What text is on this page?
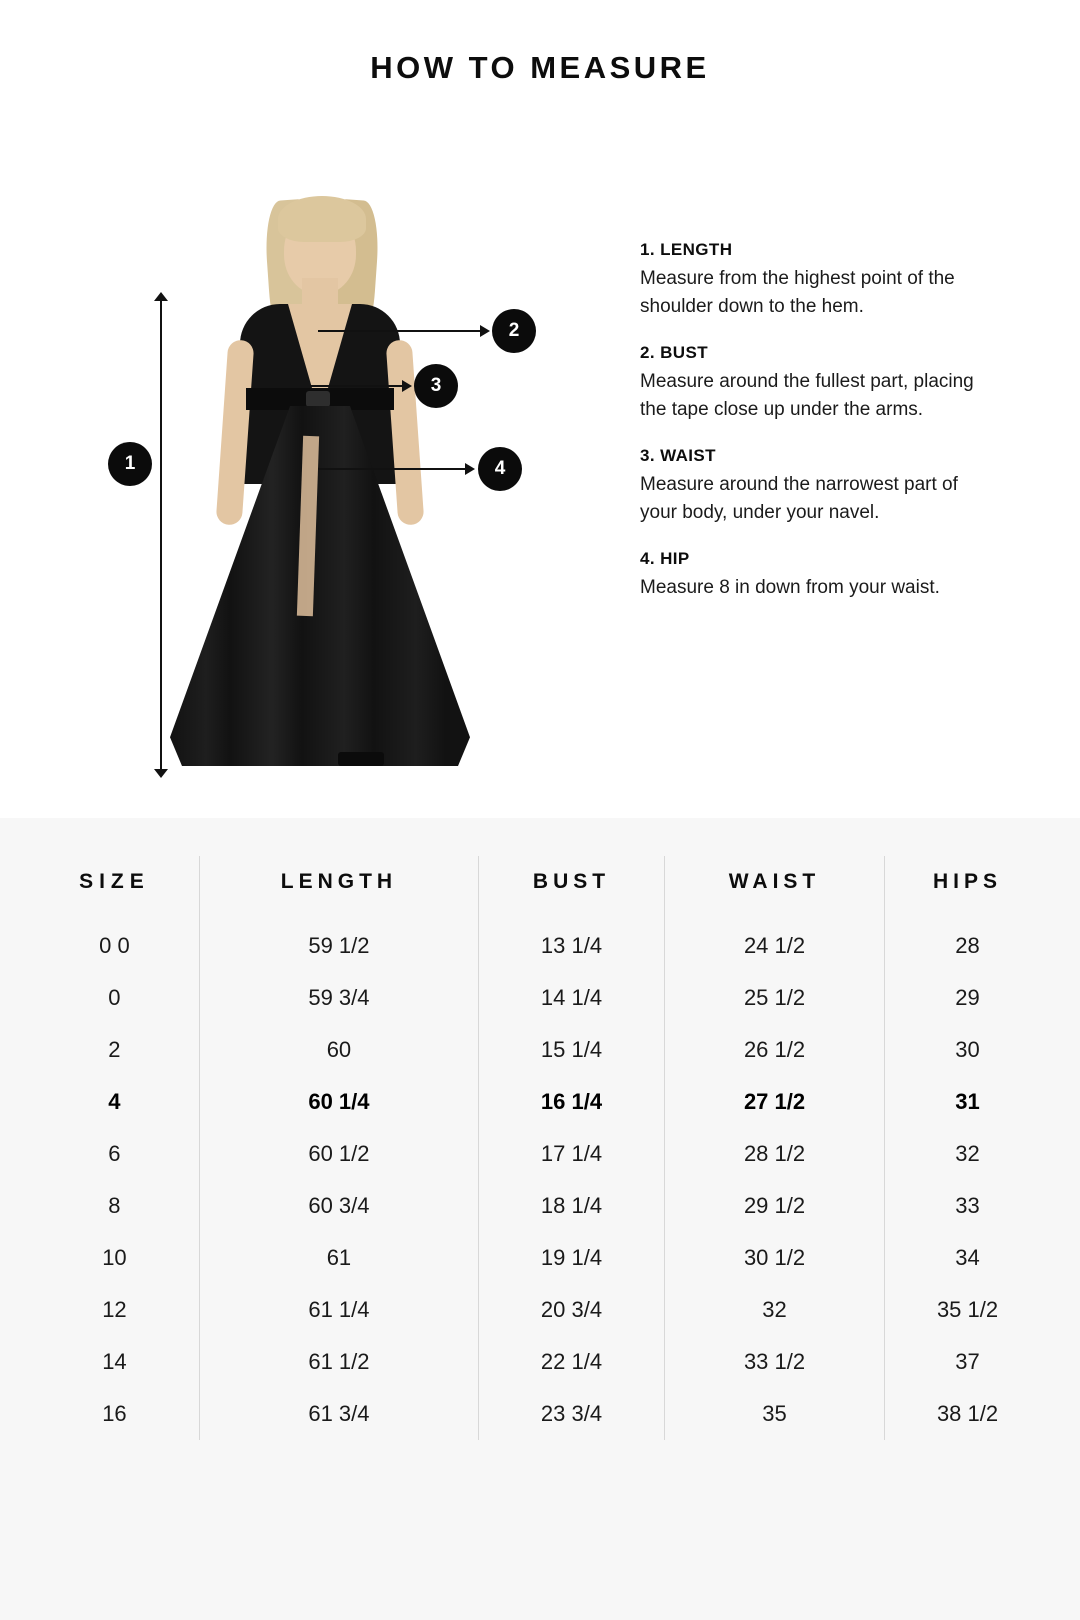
HOW TO MEASURE
1
2
3
4
1. LENGTH
Measure from the highest point of the shoulder down to the hem.
2. BUST
Measure around the fullest part, placing the tape close up under the arms.
3. WAIST
Measure around the narrowest part of your body, under your navel.
4. HIP
Measure 8 in down from your waist.
SIZE	LENGTH	BUST	WAIST	HIPS
0 0	59 1/2	13 1/4	24 1/2	28
0	59 3/4	14 1/4	25 1/2	29
2	60	15 1/4	26 1/2	30
4	60 1/4	16 1/4	27 1/2	31
6	60 1/2	17 1/4	28 1/2	32
8	60 3/4	18 1/4	29 1/2	33
10	61	19 1/4	30 1/2	34
12	61 1/4	20 3/4	32	35 1/2
14	61 1/2	22 1/4	33 1/2	37
16	61 3/4	23 3/4	35	38 1/2
